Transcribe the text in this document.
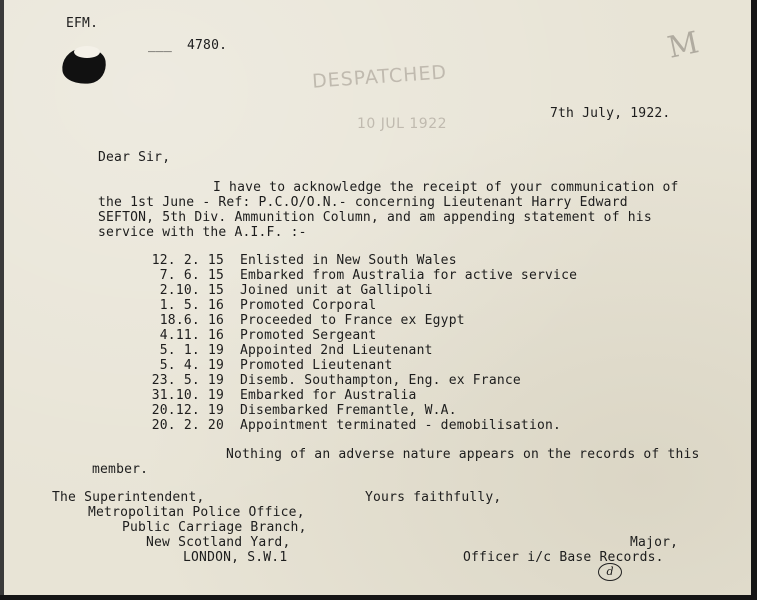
EFM.
___ 4780.	M
DESPATCHED
10 JUL 1922
7th July, 1922.
Dear Sir,
I have to acknowledge the receipt of your communication of
the 1st June - Ref: P.C.O/O.N.- concerning Lieutenant Harry Edward
SEFTON, 5th Div. Ammunition Column, and am appending statement of his
service with the A.I.F. :-
12. 2. 15 Enlisted in New South Wales
7. 6. 15 Embarked from Australia for active service
2.10. 15 Joined unit at Gallipoli
1. 5. 16 Promoted Corporal
18.6. 16 Proceeded to France ex Egypt
4.11. 16 Promoted Sergeant
5. 1. 19 Appointed 2nd Lieutenant
5. 4. 19 Promoted Lieutenant
23. 5. 19 Disemb. Southampton, Eng. ex France
31.10. 19 Embarked for Australia
20.12. 19 Disembarked Fremantle, W.A.
20. 2. 20 Appointment terminated - demobilisation.
Nothing of an adverse nature appears on the records of this
member.
The Superintendent,
Metropolitan Police Office,
Public Carriage Branch,
New Scotland Yard,
LONDON, S.W.1
Yours faithfully,
Major,
Officer i/c Base Records.
d
